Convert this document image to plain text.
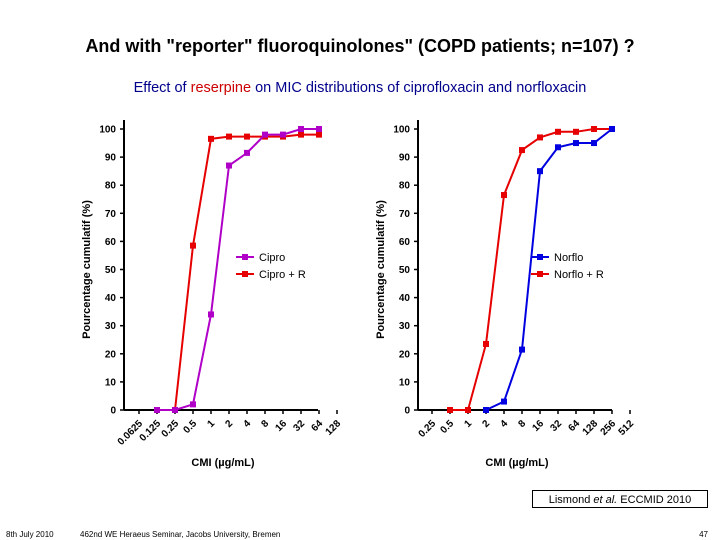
And with "reporter" fluoroquinolones" (COPD patients; n=107) ?
Effect of reserpine on MIC distributions of ciprofloxacin and norfloxacin
0
10
20
30
40
50
60
70
80
90
100
0.0625
0.125
0.25 0.5 1 2 4 8 16 32 64
128
Pourcentage cumulatif (%)
CMI (µg/mL)
Cipro
Cipro + R
0
10
20
30
40
50
60
70
80
90
100
0.25 0.5 1 2 4 8 16 32 64
128
256
512
Pourcentage cumulatif (%)
CMI (µg/mL)
Norflo
Norflo + R
Lismond et al. ECCMID 2010
8th July 2010	462nd WE Heraeus Seminar, Jacobs University, Bremen	47
